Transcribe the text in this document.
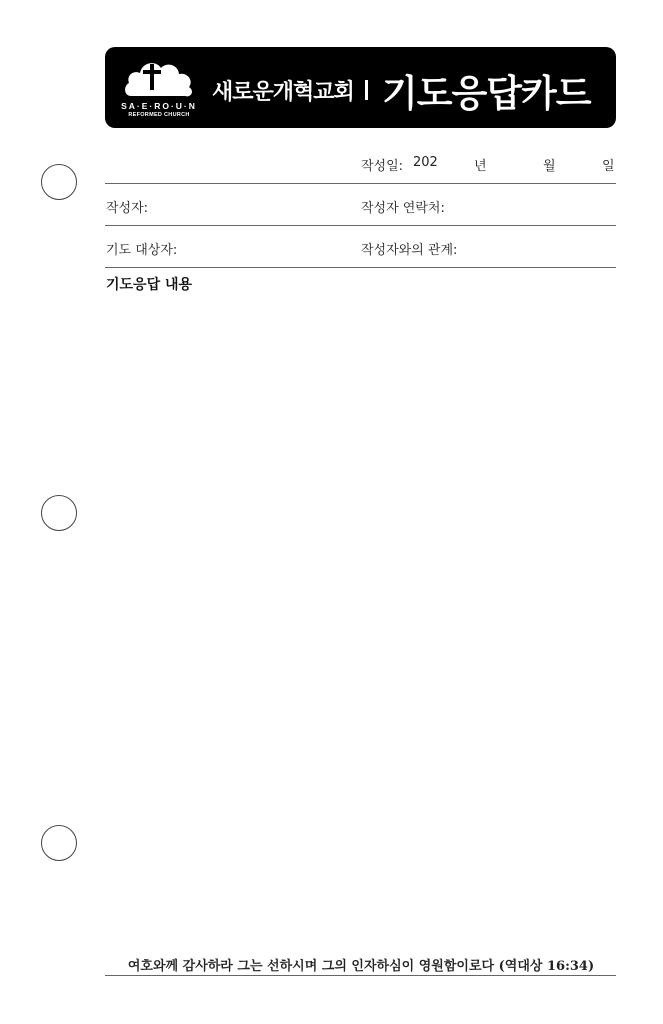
SA·E·RO·U·N
REFORMED CHURCH
새로운개혁교회 기도응답카드
작성일: 202	년	월	일
작성자:	작성자 연락처:
기도 대상자:	작성자와의 관계:
기도응답 내용
여호와께 감사하라 그는 선하시며 그의 인자하심이 영원함이로다 (역대상 16:34)
